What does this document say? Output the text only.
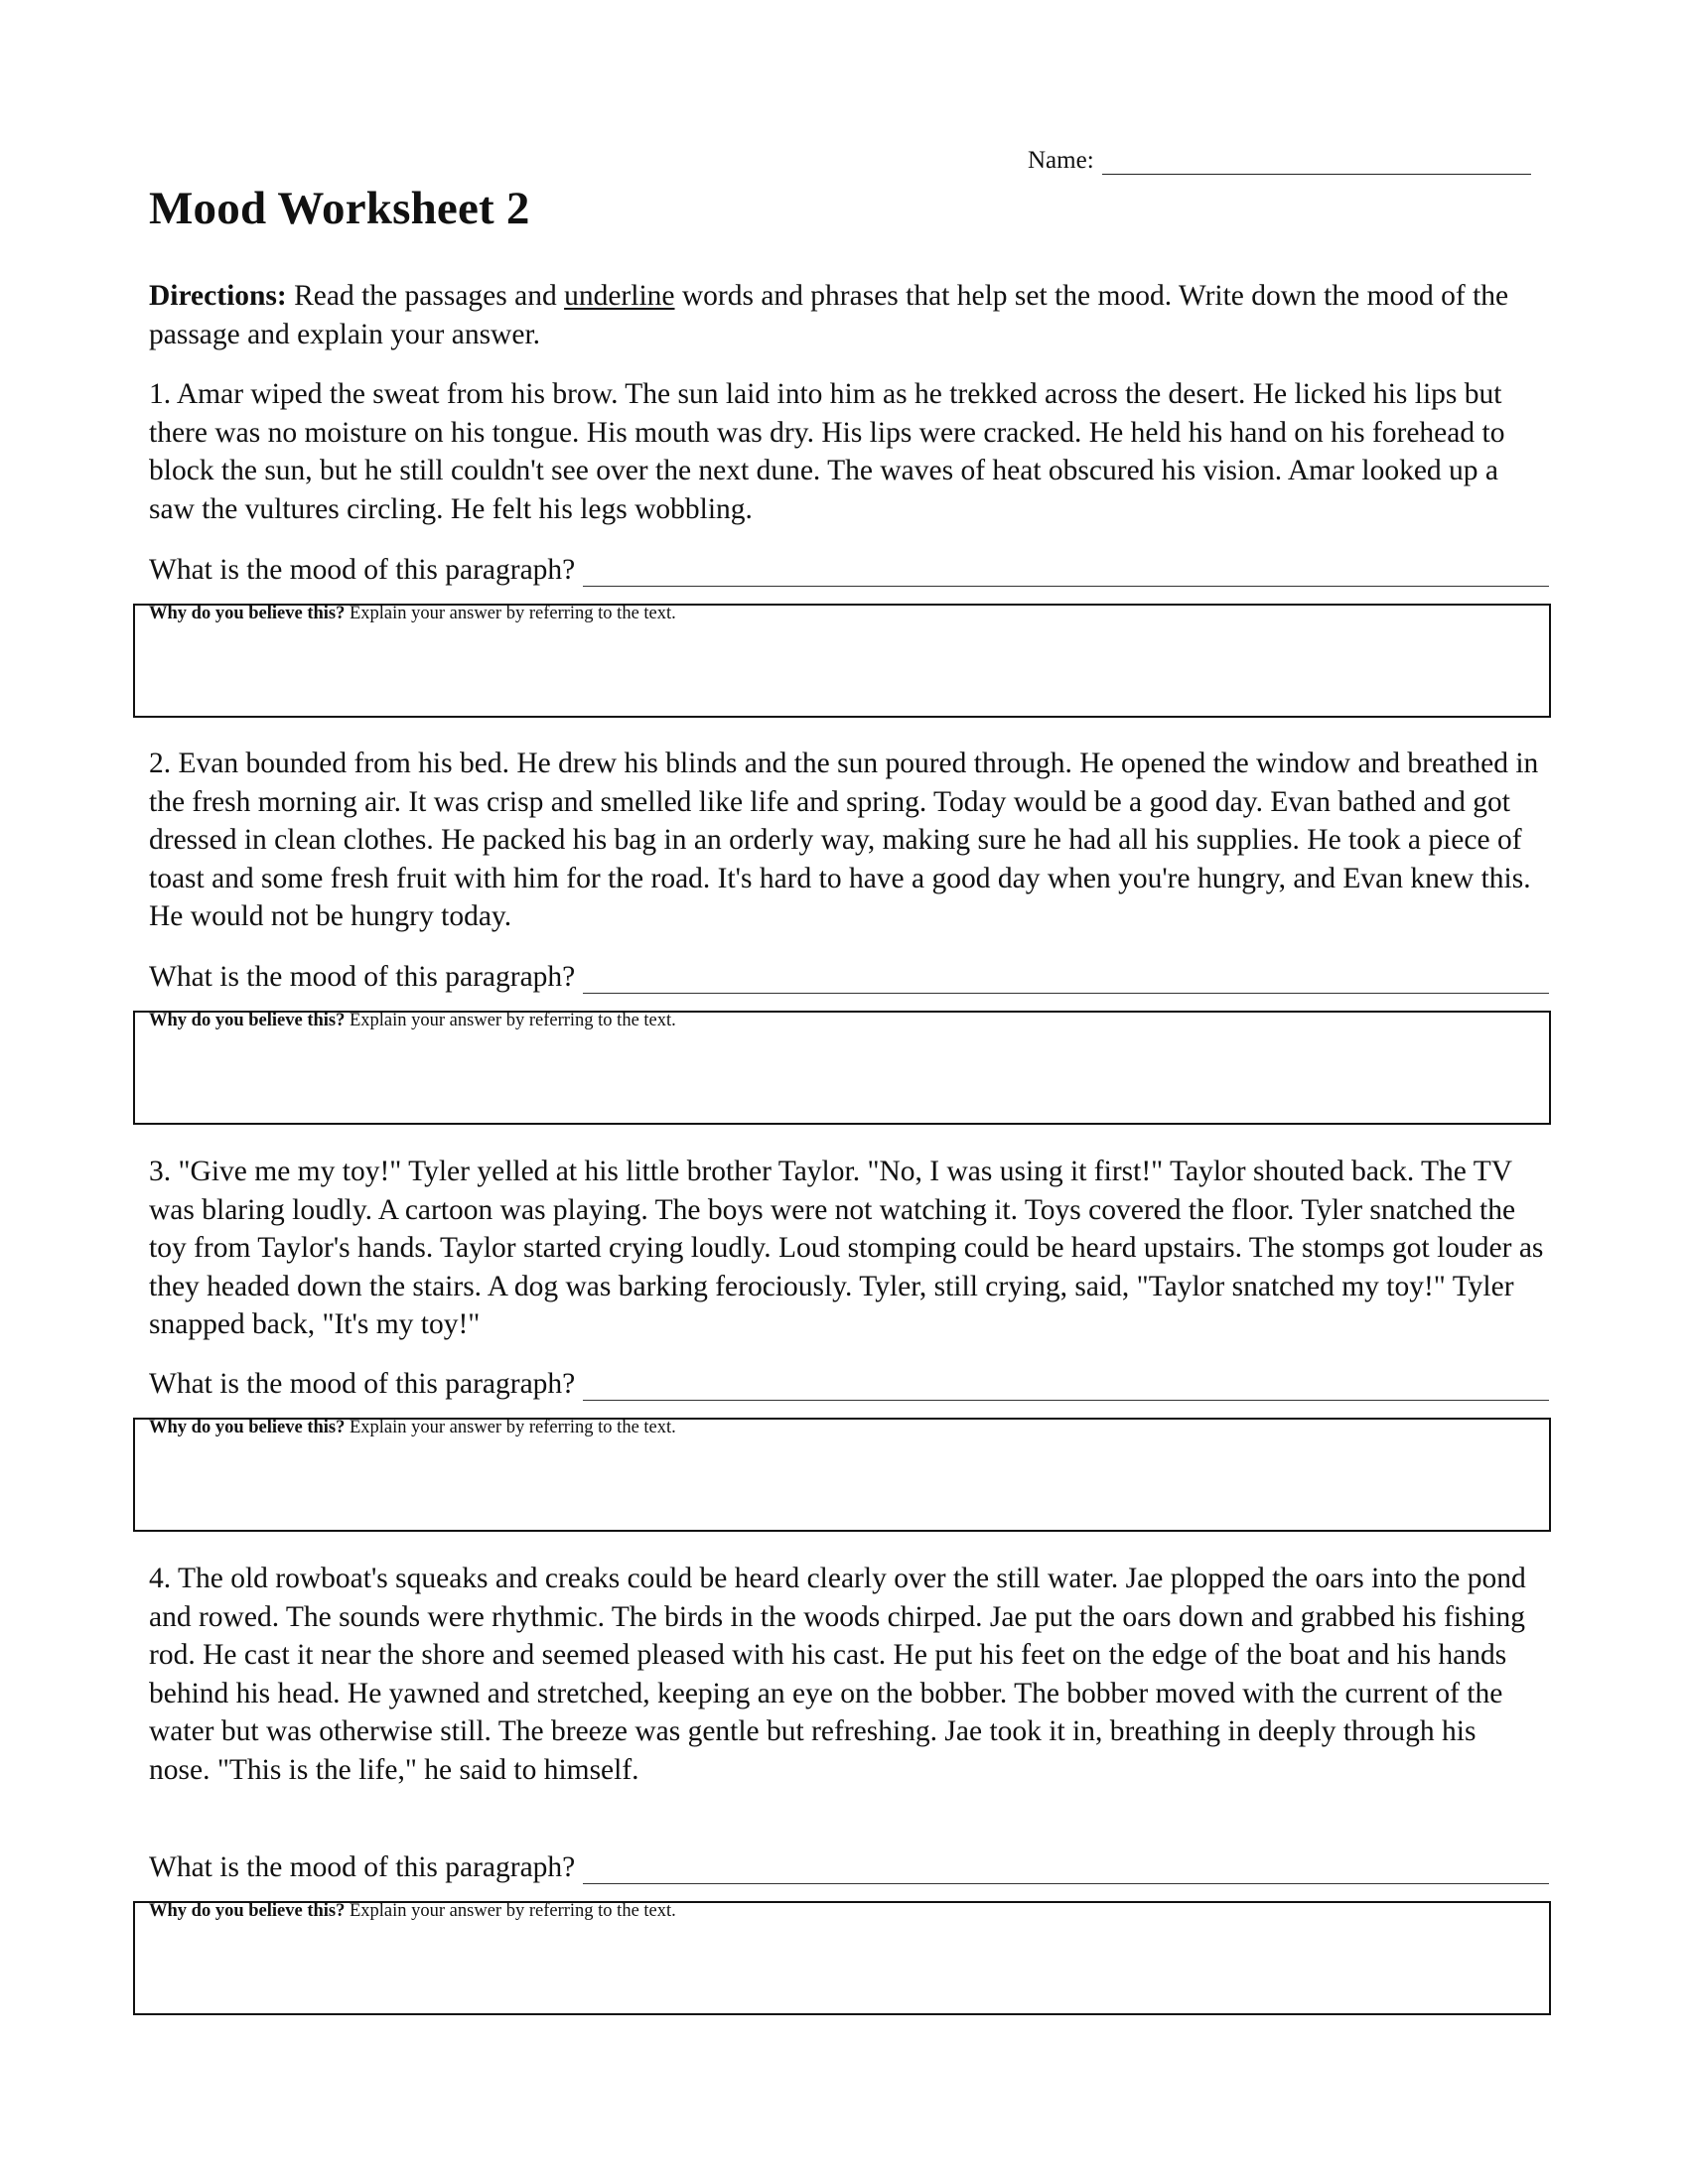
Name:
Mood Worksheet 2

Directions: Read the passages and underline words and phrases that help set the mood. Write down the mood of the passage and explain your answer.

1. Amar wiped the sweat from his brow. The sun laid into him as he trekked across the desert. He licked his lips but there was no moisture on his tongue. His mouth was dry. His lips were cracked. He held his hand on his forehead to block the sun, but he still couldn't see over the next dune. The waves of heat obscured his vision. Amar looked up a saw the vultures circling. He felt his legs wobbling.

What is the mood of this paragraph?
Why do you believe this? Explain your answer by referring to the text.

2. Evan bounded from his bed. He drew his blinds and the sun poured through. He opened the window and breathed in the fresh morning air. It was crisp and smelled like life and spring. Today would be a good day. Evan bathed and got dressed in clean clothes. He packed his bag in an orderly way, making sure he had all his supplies. He took a piece of toast and some fresh fruit with him for the road. It's hard to have a good day when you're hungry, and Evan knew this. He would not be hungry today.

What is the mood of this paragraph?
Why do you believe this? Explain your answer by referring to the text.

3. "Give me my toy!" Tyler yelled at his little brother Taylor. "No, I was using it first!" Taylor shouted back. The TV was blaring loudly. A cartoon was playing. The boys were not watching it. Toys covered the floor. Tyler snatched the toy from Taylor's hands. Taylor started crying loudly. Loud stomping could be heard upstairs. The stomps got louder as they headed down the stairs. A dog was barking ferociously. Tyler, still crying, said, "Taylor snatched my toy!" Tyler snapped back, "It's my toy!"

What is the mood of this paragraph?
Why do you believe this? Explain your answer by referring to the text.

4. The old rowboat's squeaks and creaks could be heard clearly over the still water. Jae plopped the oars into the pond and rowed. The sounds were rhythmic. The birds in the woods chirped. Jae put the oars down and grabbed his fishing rod. He cast it near the shore and seemed pleased with his cast. He put his feet on the edge of the boat and his hands behind his head. He yawned and stretched, keeping an eye on the bobber. The bobber moved with the current of the water but was otherwise still. The breeze was gentle but refreshing. Jae took it in, breathing in deeply through his nose. "This is the life," he said to himself.

What is the mood of this paragraph?
Why do you believe this? Explain your answer by referring to the text.
